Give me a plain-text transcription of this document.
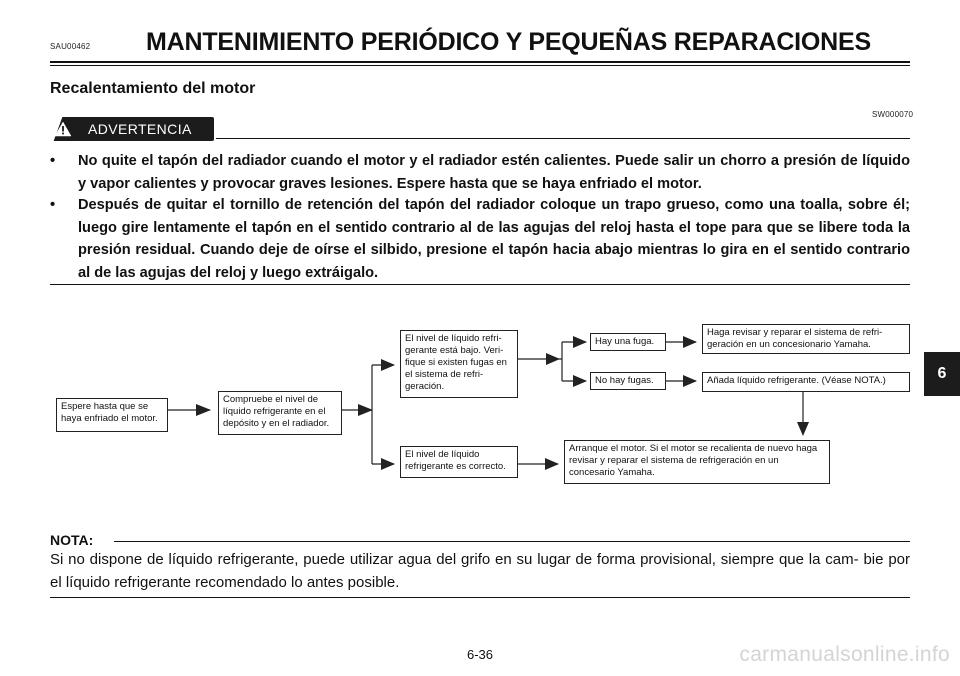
SAU00462 MANTENIMIENTO PERIÓDICO Y PEQUEÑAS REPARACIONES
Recalentamiento del motor
SW000070
ADVERTENCIA
•	No quite el tapón del radiador cuando el motor y el radiador estén calientes. Puede salir un chorro a presión de líquido y vapor calientes y provocar graves lesiones. Espere hasta que se haya enfriado el motor.
•	Después de quitar el tornillo de retención del tapón del radiador coloque un trapo grueso, como una toalla, sobre él; luego gire lentamente el tapón en el sentido contrario al de las agujas del reloj hasta el tope para que se libere toda la presión residual. Cuando deje de oírse el silbido, presione el tapón hacia abajo mientras lo gira en el sentido contrario al de las agujas del reloj y luego extráigalo.
Espere hasta que se haya enfriado el motor.
Compruebe el nivel de líquido refrigerante en el depósito y en el radiador.
El nivel de líquido refri- gerante está bajo. Veri- fique si existen fugas en el sistema de refri- geración.
El nivel de líquido refrigerante es correcto.
Hay una fuga.
No hay fugas.
Haga revisar y reparar el sistema de refri- geración en un concesionario Yamaha.
Añada líquido refrigerante. (Véase NOTA.)
Arranque el motor. Si el motor se recalienta de nuevo haga revisar y reparar el sistema de refrigeración en un concesario Yamaha.
NOTA:
Si no dispone de líquido refrigerante, puede utilizar agua del grifo en su lugar de forma provisional, siempre que la cam- bie por el líquido refrigerante recomendado lo antes posible.
6-36
6
carmanualsonline.info
